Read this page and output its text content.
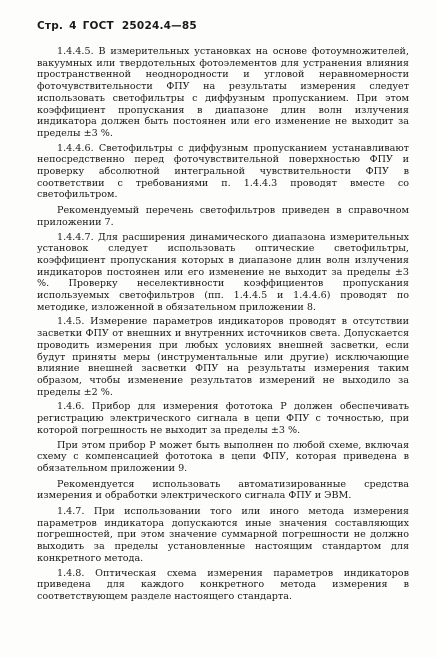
Стр. 4 ГОСТ 25024.4—85

1.4.4.5. В измерительных установках на основе фотоумножителей, вакуумных или твердотельных фотоэлементов для устранения влияния пространственной неоднородности и угловой неравномерности фоточувствительности ФПУ на результаты измерения следует использовать светофильтры с диффузным пропусканием. При этом коэффициент пропускания в диапазоне длин волн излучения индикатора должен быть постоянен или его изменение не выходит за пределы ±3 %.

1.4.4.6. Светофильтры с диффузным пропусканием устанавливают непосредственно перед фоточувствительной поверхностью ФПУ и проверку абсолютной интегральной чувствительности ФПУ в соответствии с требованиями п. 1.4.4.3 проводят вместе со светофильтром.

Рекомендуемый перечень светофильтров приведен в справочном приложении 7.

1.4.4.7. Для расширения динамического диапазона измерительных установок следует использовать оптические светофильтры, коэффициент пропускания которых в диапазоне длин волн излучения индикаторов постоянен или его изменение не выходит за пределы ±3 %. Проверку неселективности коэффициентов пропускания используемых светофильтров (пп. 1.4.4.5 и 1.4.4.6) проводят по методике, изложенной в обязательном приложении 8.

1.4.5. Измерение параметров индикаторов проводят в отсутствии засветки ФПУ от внешних и внутренних источников света. Допускается проводить измерения при любых условиях внешней засветки, если будут приняты меры (инструментальные или другие) исключающие влияние внешней засветки ФПУ на результаты измерения таким образом, чтобы изменение результатов измерений не выходило за пределы ±2 %.

1.4.6. Прибор для измерения фототока P должен обеспечивать регистрацию электрического сигнала в цепи ФПУ с точностью, при которой погрешность не выходит за пределы ±3 %.

При этом прибор P может быть выполнен по любой схеме, включая схему с компенсацией фототока в цепи ФПУ, которая приведена в обязательном приложении 9.

Рекомендуется использовать автоматизированные средства измерения и обработки электрического сигнала ФПУ и ЭВМ.

1.4.7. При использовании того или иного метода измерения параметров индикатора допускаются иные значения составляющих погрешностей, при этом значение суммарной погрешности не должно выходить за пределы установленные настоящим стандартом для конкретного метода.

1.4.8. Оптическая схема измерения параметров индикаторов приведена для каждого конкретного метода измерения в соответствующем разделе настоящего стандарта.
